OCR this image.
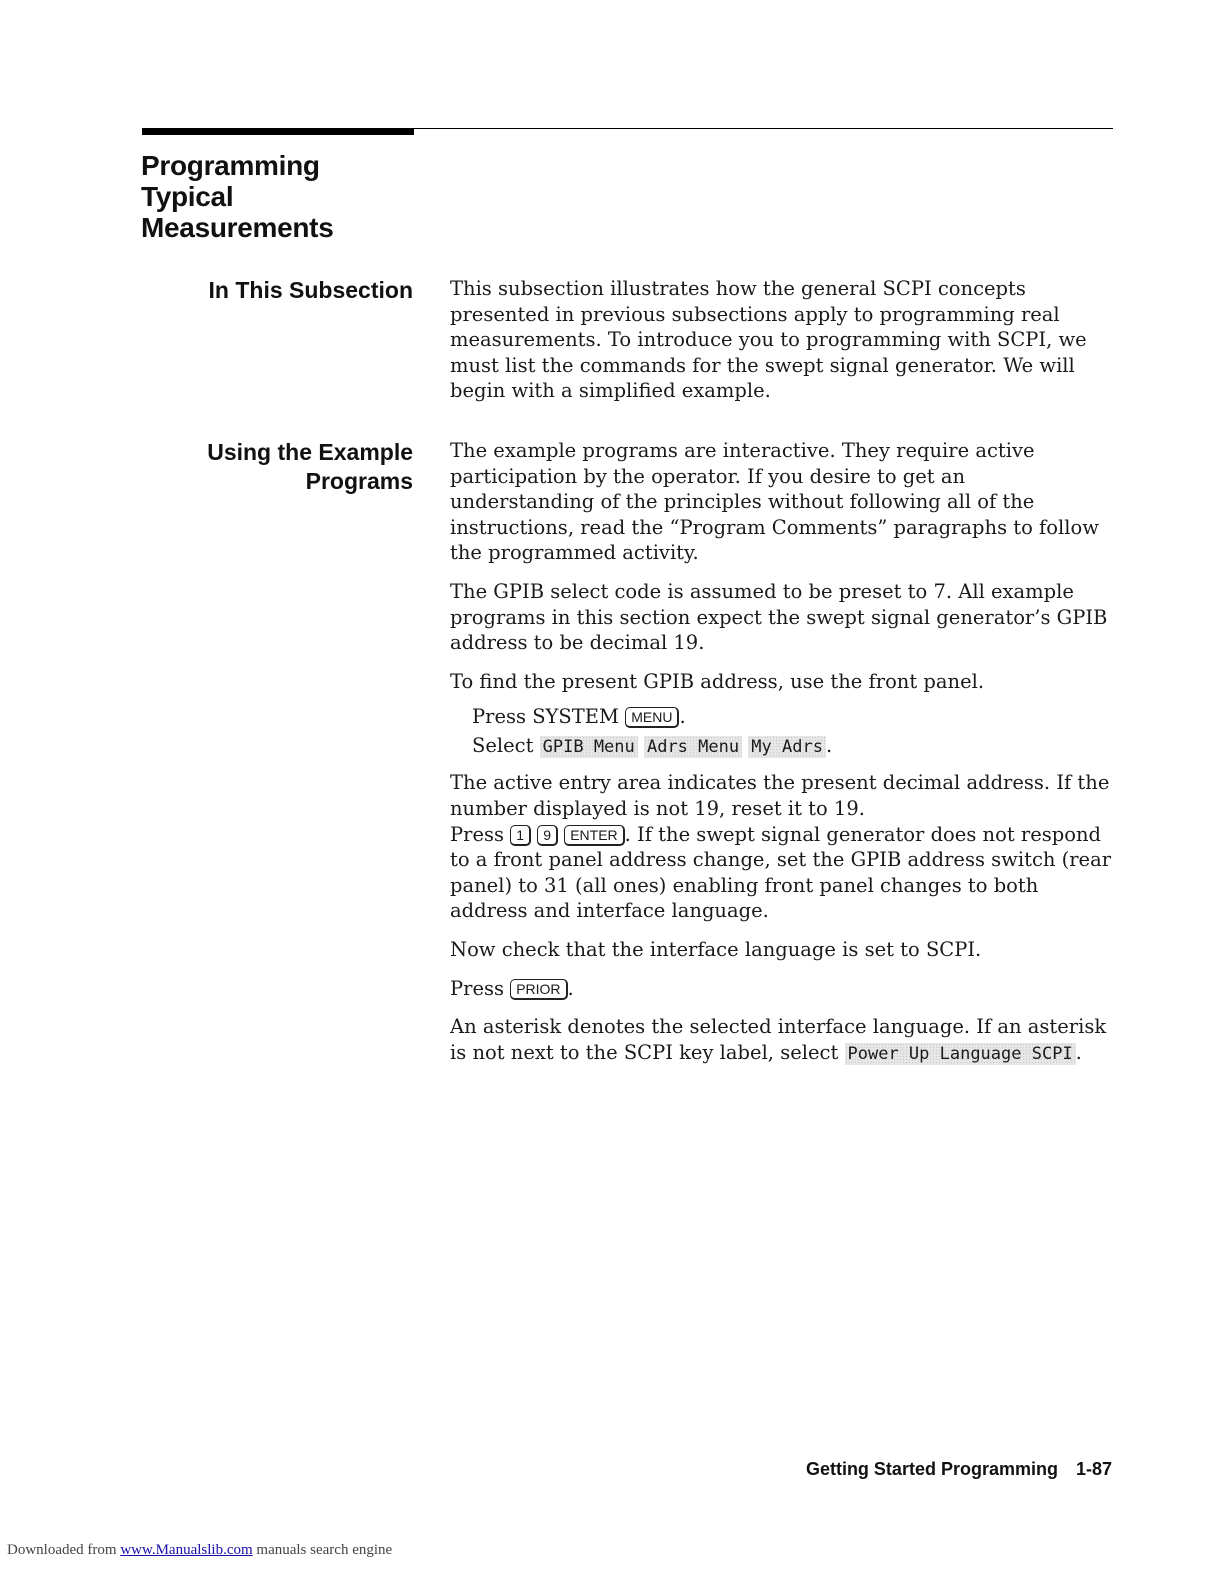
Programming
Typical
Measurements
In This Subsection This subsection illustrates how the general SCPI concepts presented in previous subsections apply to programming real measurements. To introduce you to programming with SCPI, we must list the commands for the swept signal generator. We will begin with a simplified example.

Using the Example
Programs

The example programs are interactive. They require active participation by the operator. If you desire to get an understanding of the principles without following all of the instructions, read the “Program Comments” paragraphs to follow the programmed activity.

The GPIB select code is assumed to be preset to 7. All example programs in this section expect the swept signal generator’s GPIB address to be decimal 19.

To find the present GPIB address, use the front panel.

Press SYSTEM MENU .
Select GPIB Menu Adrs Menu My Adrs .

The active entry area indicates the present decimal address. If the number displayed is not 19, reset it to 19.

Press 1 9 ENTER . If the swept signal generator does not respond to a front panel address change, set the GPIB address switch (rear panel) to 31 (all ones) enabling front panel changes to both address and interface language.

Now check that the interface language is set to SCPI.

Press PRIOR .

An asterisk denotes the selected interface language. If an asterisk is not next to the SCPI key label, select Power Up Language SCPI .

Getting Started Programming 1-87
Downloaded from www.Manualslib.com manuals search engine
